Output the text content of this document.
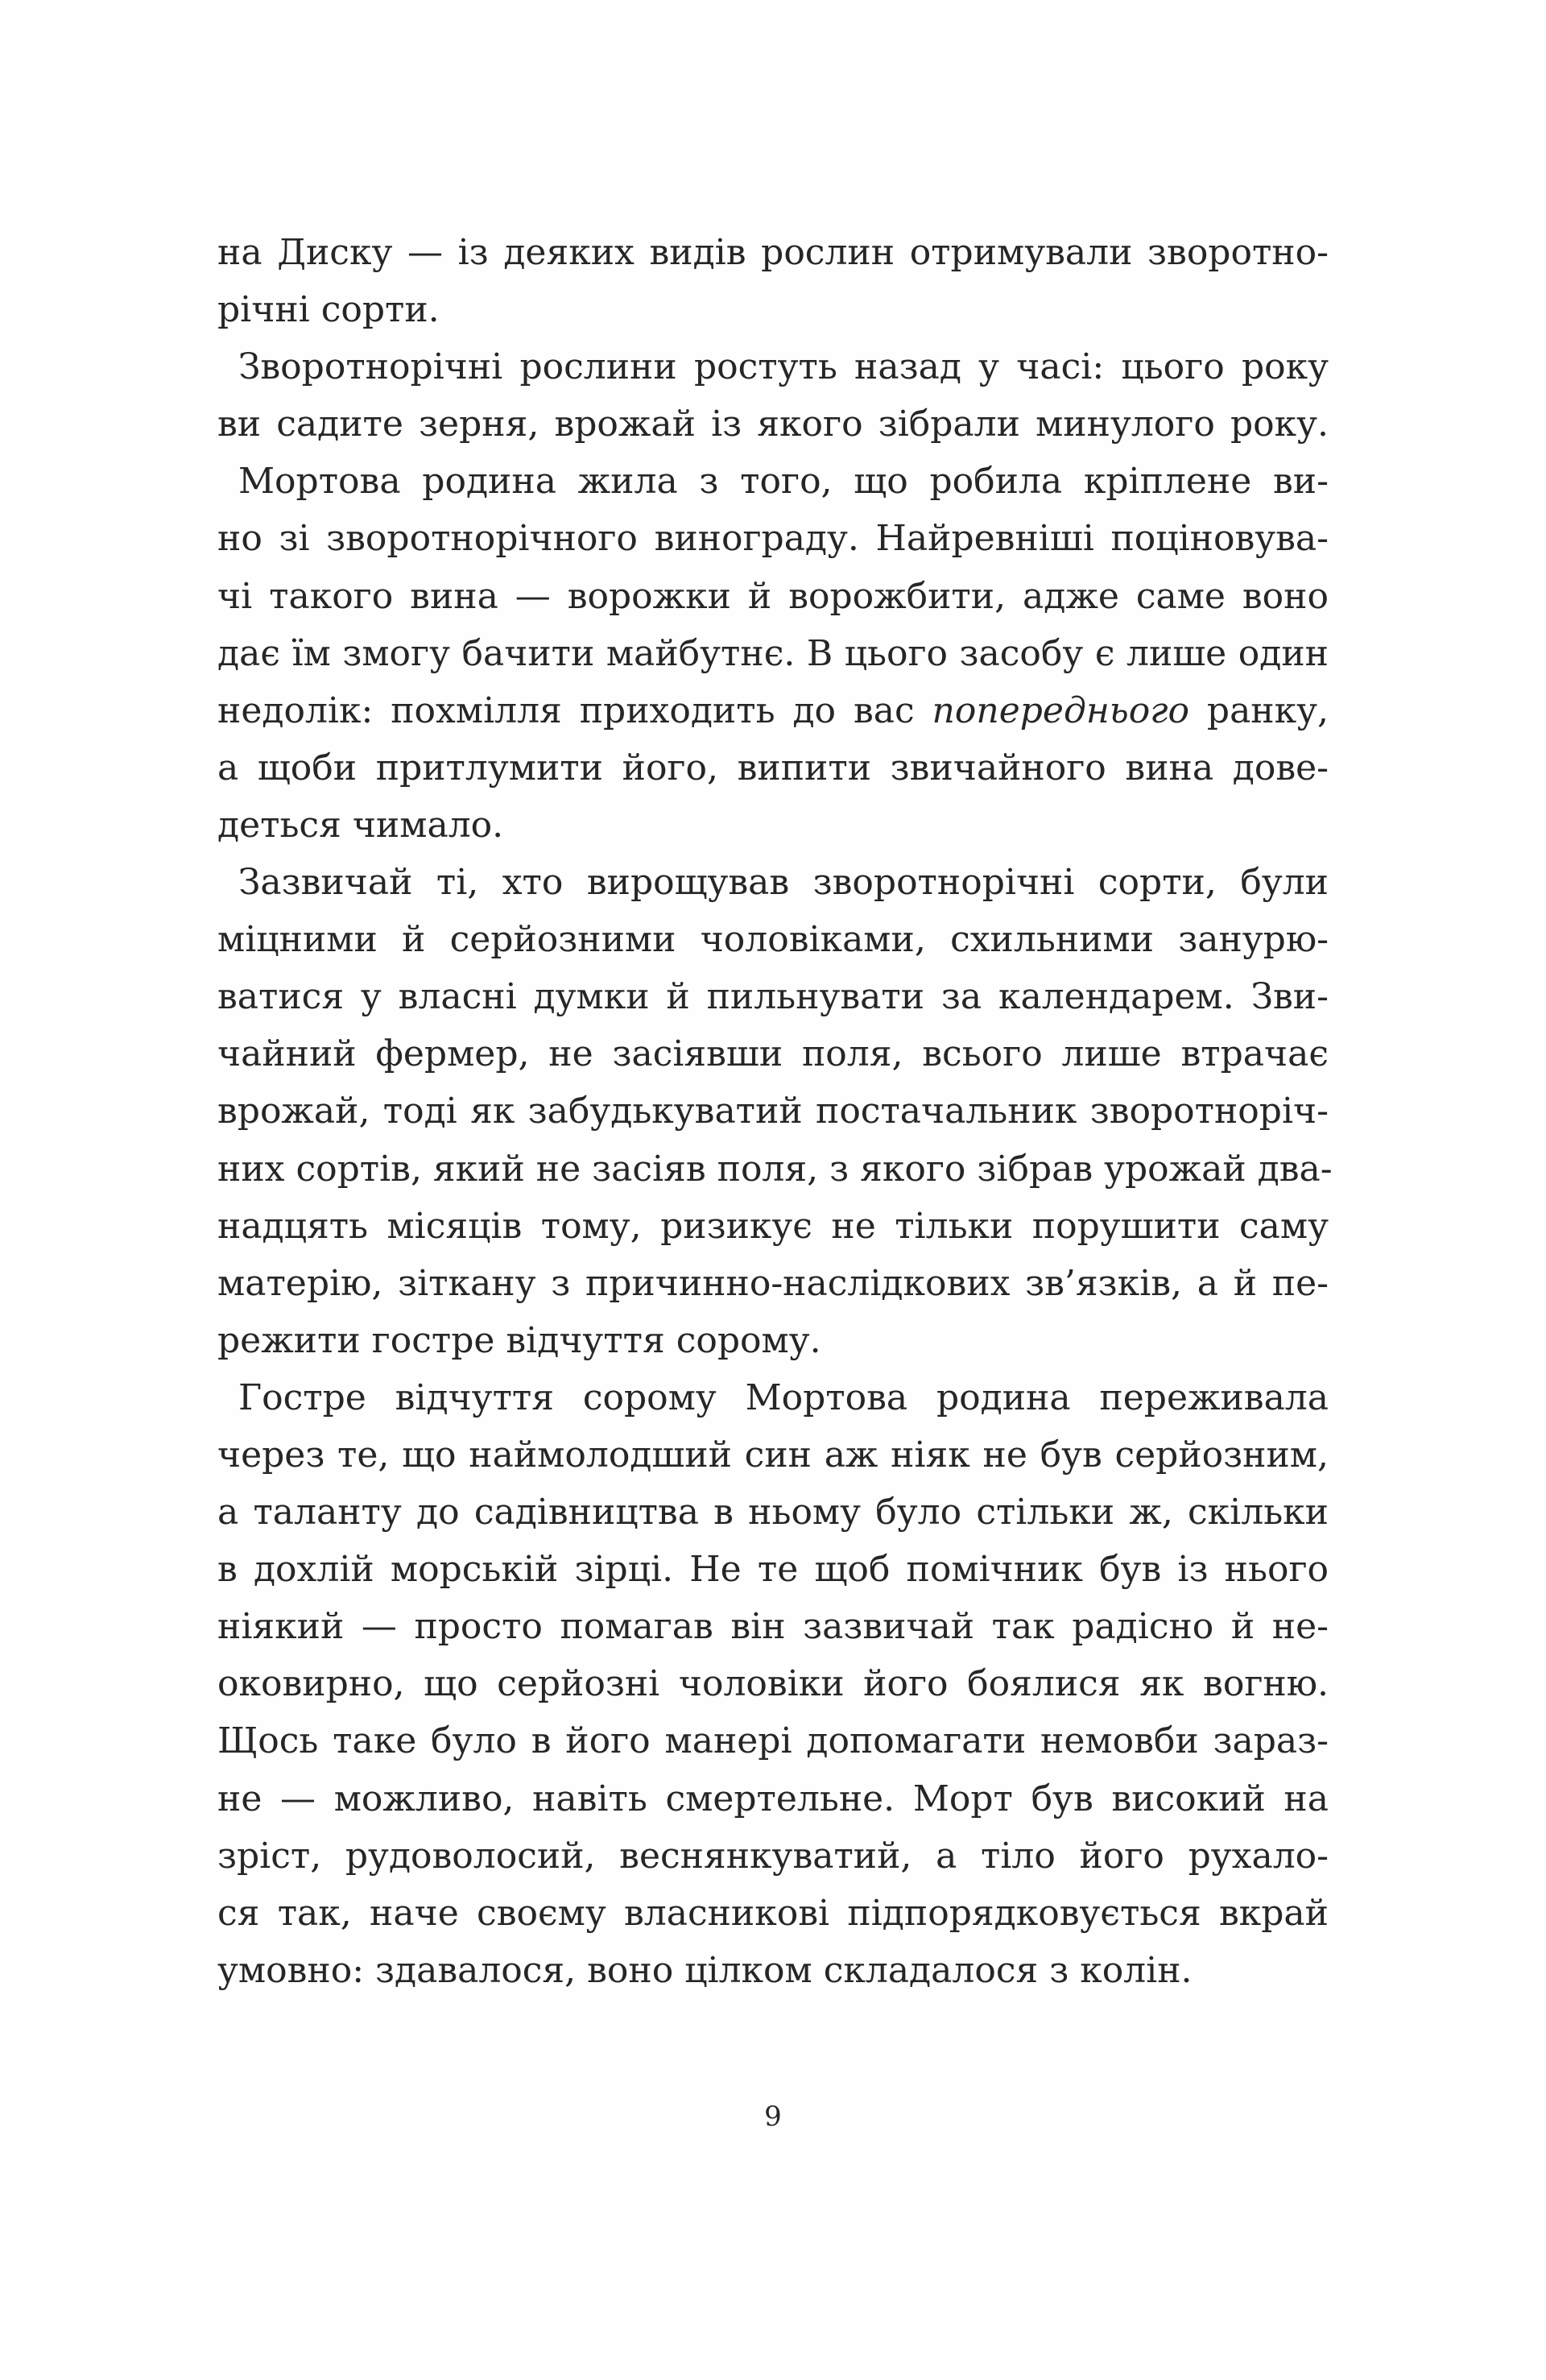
на Диску — із деяких видів рослин отримували зворотно-
річні сорти.
Зворотнорічні рослини ростуть назад у часі: цього року
ви садите зерня, врожай із якого зібрали минулого року.
Мортова родина жила з того, що робила кріплене ви-
но зі зворотнорічного винограду. Найревніші поціновува-
чі такого вина — ворожки й ворожбити, адже саме воно
дає їм змогу бачити майбутнє. В цього засобу є лише один
недолік: похмілля приходить до вас попереднього ранку,
а щоби притлумити його, випити звичайного вина дове-
деться чимало.
Зазвичай ті, хто вирощував зворотнорічні сорти, були
міцними й серйозними чоловіками, схильними занурю-
ватися у власні думки й пильнувати за календарем. Зви-
чайний фермер, не засіявши поля, всього лише втрачає
врожай, тоді як забудькуватий постачальник зворотноріч-
них сортів, який не засіяв поля, з якого зібрав урожай два-
надцять місяців тому, ризикує не тільки порушити саму
матерію, зіткану з причинно-наслідкових зв’язків, а й пе-
режити гостре відчуття сорому.
Гостре відчуття сорому Мортова родина переживала
через те, що наймолодший син аж ніяк не був серйозним,
а таланту до садівництва в ньому було стільки ж, скільки
в дохлій морській зірці. Не те щоб помічник був із нього
ніякий — просто помагав він зазвичай так радісно й не-
оковирно, що серйозні чоловіки його боялися як вогню.
Щось таке було в його манері допомагати немовби зараз-
не — можливо, навіть смертельне. Морт був високий на
зріст, рудоволосий, веснянкуватий, а тіло його рухало-
ся так, наче своєму власникові підпорядковується вкрай
умовно: здавалося, воно цілком складалося з колін.
9
